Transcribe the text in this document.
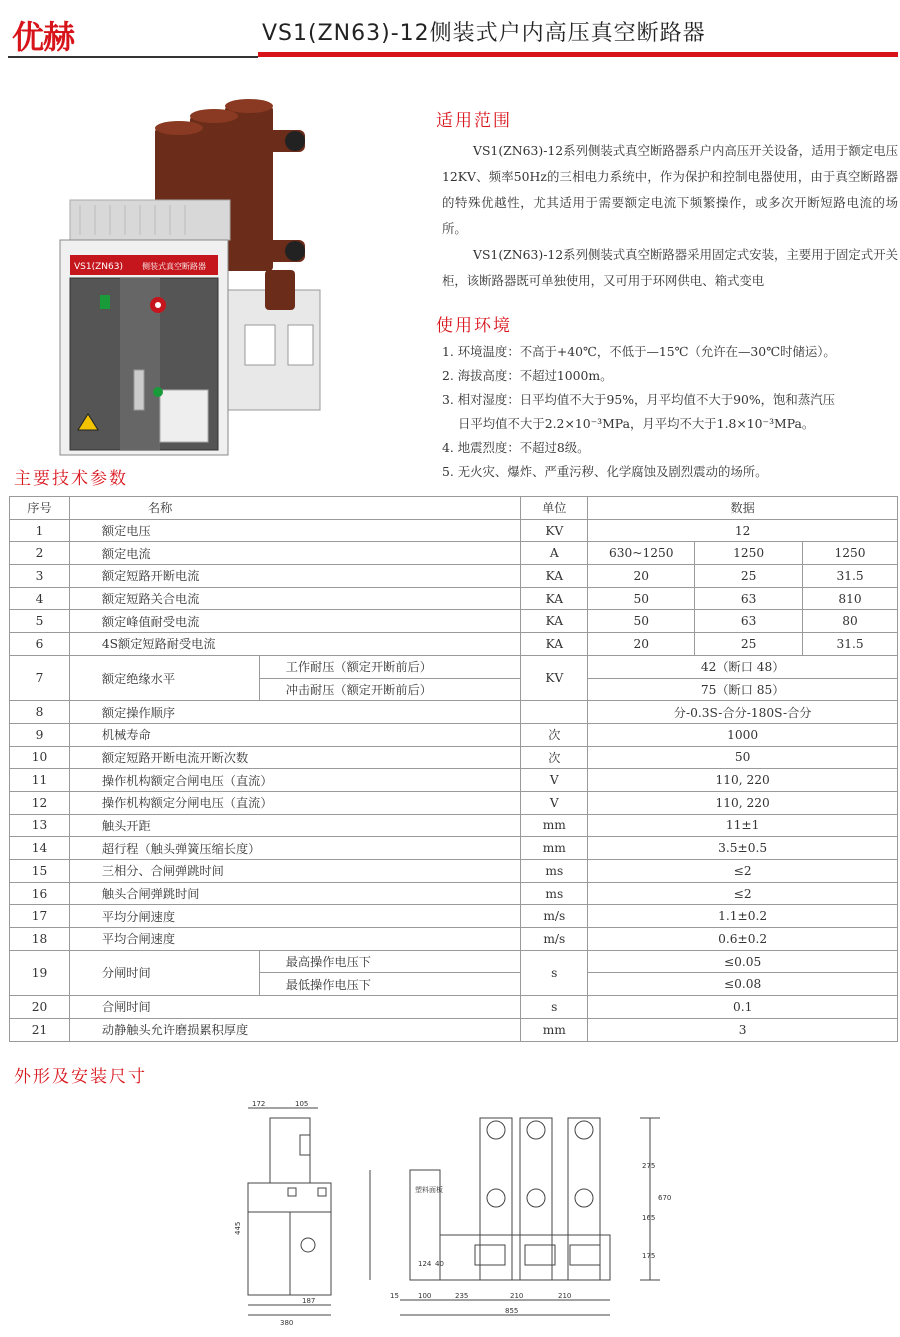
优赫	VS1(ZN63)-12侧装式户内高压真空断路器
VS1(ZN63) 侧装式真空断路器
适用范围

VS1(ZN63)-12系列侧装式真空断路器系户内高压开关设备，适用于额定电压12KV、频率50Hz的三相电力系统中，作为保护和控制电器使用，由于真空断路器的特殊优越性，尤其适用于需要额定电流下频繁操作，或多次开断短路电流的场所。

VS1(ZN63)-12系列侧装式真空断路器采用固定式安装，主要用于固定式开关柜，该断路器既可单独使用，又可用于环网供电、箱式变电

使用环境
1. 环境温度：不高于+40℃，不低于—15℃（允许在—30℃时储运）。
2. 海拔高度：不超过1000m。
3. 相对湿度：日平均值不大于95%，月平均值不大于90%，饱和蒸汽压
日平均值不大于2.2×10⁻³MPa，月平均不大于1.8×10⁻³MPa。
4. 地震烈度：不超过8级。
5. 无火灾、爆炸、严重污秽、化学腐蚀及剧烈震动的场所。
主要技术参数
序号	名称		单位	数据		
1	额定电压		KV	12		
2	额定电流		A	630~1250	1250	1250
3	额定短路开断电流		KA	20	25	31.5
4	额定短路关合电流		KA	50	63	810
5	额定峰值耐受电流		KA	50	63	80
6	4S额定短路耐受电流		KA	20	25	31.5
7	额定绝缘水平	工作耐压（额定开断前后）	KV	42（断口 48）		
		冲击耐压（额定开断前后）		75（断口 85）		
8	额定操作顺序			分-0.3S-合分-180S-合分		
9	机械寿命		次	1000		
10	额定短路开断电流开断次数		次	50		
11	操作机构额定合闸电压（直流）		V	110, 220		
12	操作机构额定分闸电压（直流）		V	110, 220		
13	触头开距		mm	11±1		
14	超行程（触头弹簧压缩长度）		mm	3.5±0.5		
15	三相分、合闸弹跳时间		ms	≤2		
16	触头合闸弹跳时间		ms	≤2		
17	平均分闸速度		m/s	1.1±0.2		
18	平均合闸速度		m/s	0.6±0.2		
19	分闸时间	最高操作电压下	s	≤0.05		
		最低操作电压下		≤0.08		
20	合闸时间		s	0.1		
21	动静触头允许磨损累积厚度		mm	3		
外形及安装尺寸
172	105
445
187
380
275
165
175
670
124 40
15	100	235	210	210
855
塑料面板
